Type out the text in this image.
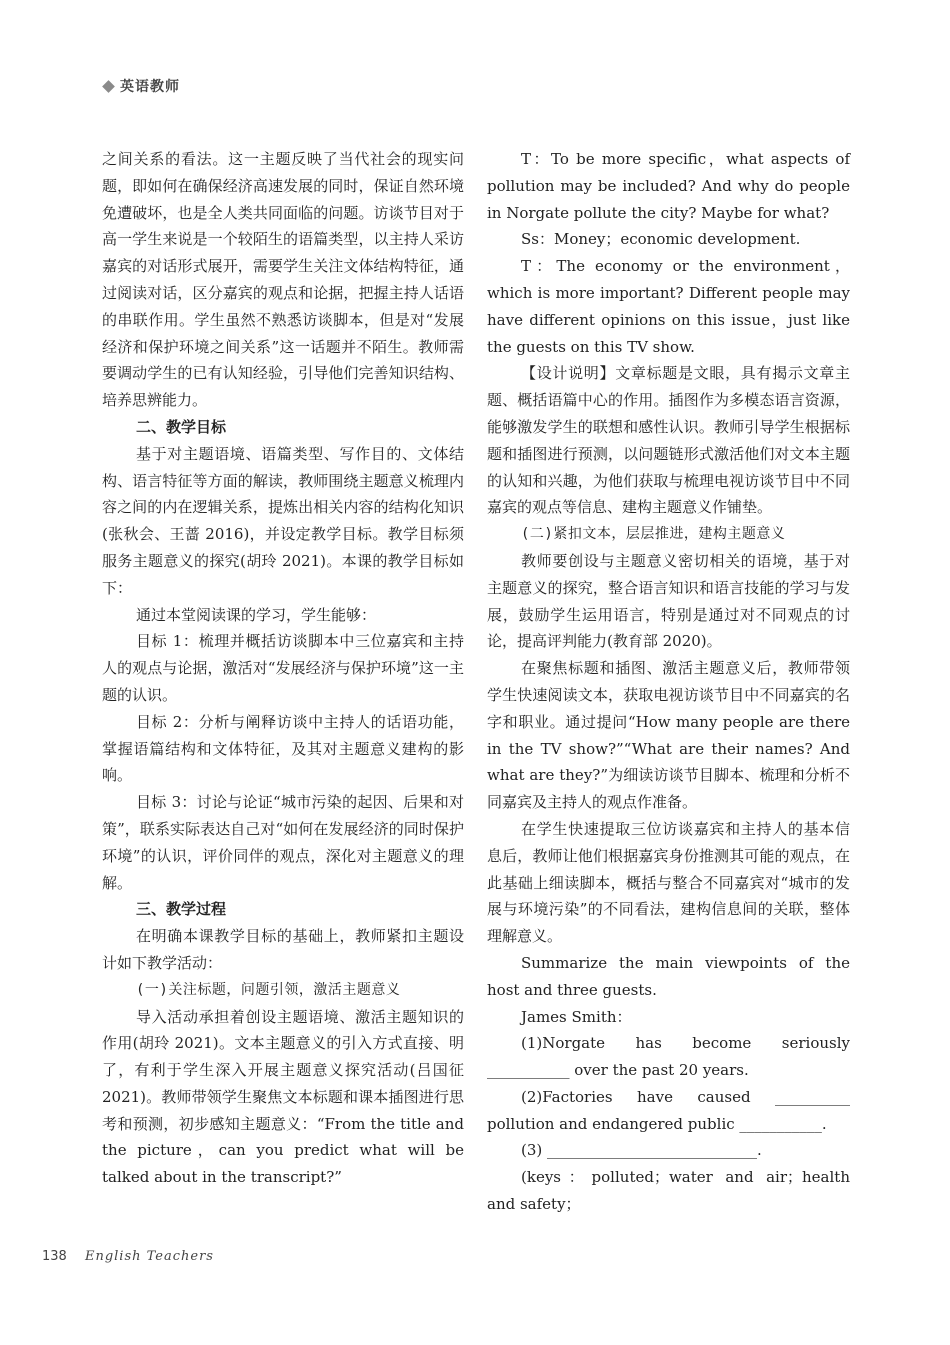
英语教师

之间关系的看法。这一主题反映了当代社会的现实问题，即如何在确保经济高速发展的同时，保证自然环境免遭破坏，也是全人类共同面临的问题。访谈节目对于高一学生来说是一个较陌生的语篇类型，以主持人采访嘉宾的对话形式展开，需要学生关注文体结构特征，通过阅读对话，区分嘉宾的观点和论据，把握主持人话语的串联作用。学生虽然不熟悉访谈脚本，但是对“发展经济和保护环境之间关系”这一话题并不陌生。教师需要调动学生的已有认知经验，引导他们完善知识结构、培养思辨能力。

二、教学目标

基于对主题语境、语篇类型、写作目的、文体结构、语言特征等方面的解读，教师围绕主题意义梳理内容之间的内在逻辑关系，提炼出相关内容的结构化知识(张秋会、王蔷 2016)，并设定教学目标。教学目标须服务主题意义的探究(胡玲 2021)。本课的教学目标如下：

通过本堂阅读课的学习，学生能够：

目标 1：梳理并概括访谈脚本中三位嘉宾和主持人的观点与论据，激活对“发展经济与保护环境”这一主题的认识。

目标 2：分析与阐释访谈中主持人的话语功能，掌握语篇结构和文体特征，及其对主题意义建构的影响。

目标 3：讨论与论证“城市污染的起因、后果和对策”，联系实际表达自己对“如何在发展经济的同时保护环境”的认识，评价同伴的观点，深化对主题意义的理解。

三、教学过程

在明确本课教学目标的基础上，教师紧扣主题设计如下教学活动：

(一)关注标题，问题引领，激活主题意义

导入活动承担着创设主题语境、激活主题知识的作用(胡玲 2021)。文本主题意义的引入方式直接、明了，有利于学生深入开展主题意义探究活动(吕国征 2021)。教师带领学生聚焦文本标题和课本插图进行思考和预测，初步感知主题意义：“From the title and the picture，can you predict what will be talked about in the transcript?”

T：To be more specific，what aspects of pollution may be included? And why do people in Norgate pollute the city? Maybe for what?

Ss：Money；economic development.

T：The economy or the environment，which is more important? Different people may have different opinions on this issue，just like the guests on this TV show.

【设计说明】文章标题是文眼，具有揭示文章主题、概括语篇中心的作用。插图作为多模态语言资源，能够激发学生的联想和感性认识。教师引导学生根据标题和插图进行预测，以问题链形式激活他们对文本主题的认知和兴趣，为他们获取与梳理电视访谈节目中不同嘉宾的观点等信息、建构主题意义作铺垫。

(二)紧扣文本，层层推进，建构主题意义

教师要创设与主题意义密切相关的语境，基于对主题意义的探究，整合语言知识和语言技能的学习与发展，鼓励学生运用语言，特别是通过对不同观点的讨论，提高评判能力(教育部 2020)。

在聚焦标题和插图、激活主题意义后，教师带领学生快速阅读文本，获取电视访谈节目中不同嘉宾的名字和职业。通过提问“How many people are there in the TV show?”“What are their names? And what are they?”为细读访谈节目脚本、梳理和分析不同嘉宾及主持人的观点作准备。

在学生快速提取三位访谈嘉宾和主持人的基本信息后，教师让他们根据嘉宾身份推测其可能的观点，在此基础上细读脚本，概括与整合不同嘉宾对“城市的发展与环境污染”的不同看法，建构信息间的关联，整体理解意义。

Summarize the main viewpoints of the host and three guests.

James Smith：

(1)Norgate has become seriously ___________ over the past 20 years.

(2)Factories have caused __________ pollution and endangered public ___________.

(3) ____________________________.

(keys：polluted；water and air；health and safety；

138 English Teachers
